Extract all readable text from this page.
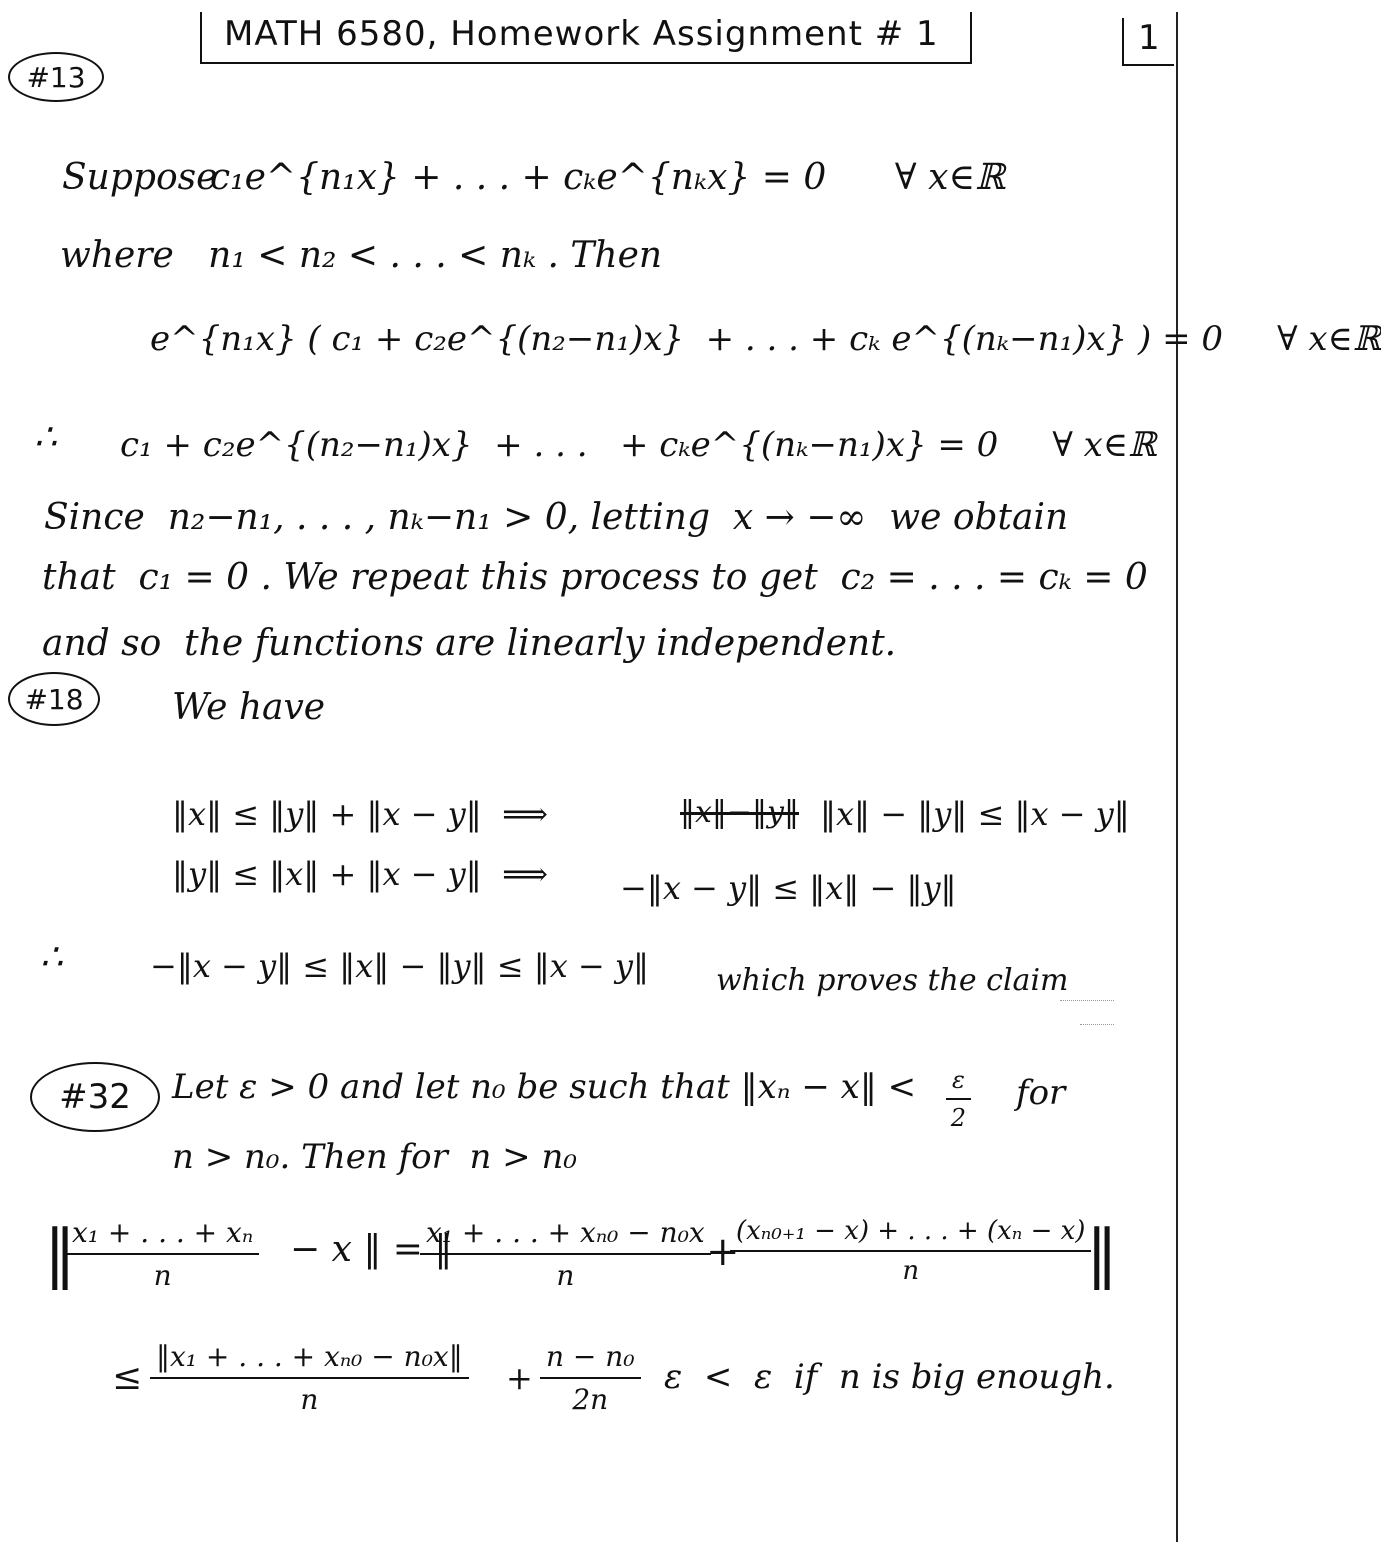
MATH 6580, Homework Assignment # 1	1
#13
Suppose
c₁e^{n₁x} + . . . + cₖe^{nₖx} = 0      ∀ x∈ℝ
where   n₁ < n₂ < . . . < nₖ . Then
e^{n₁x} ( c₁ + c₂e^{(n₂−n₁)x}  + . . . + cₖ e^{(nₖ−n₁)x} ) = 0     ∀ x∈ℝ
∴ c₁ + c₂e^{(n₂−n₁)x}  + . . .   + cₖe^{(nₖ−n₁)x} = 0     ∀ x∈ℝ
Since  n₂−n₁, . . . , nₖ−n₁ > 0, letting  x → −∞  we obtain
that  c₁ = 0 . We repeat this process to get  c₂ = . . . = cₖ = 0
and so  the functions are linearly independent.
#18	We have
‖x‖ ≤ ‖y‖ + ‖x − y‖  ⟹	‖x‖−‖y‖ ‖x‖ − ‖y‖ ≤ ‖x − y‖
‖y‖ ≤ ‖x‖ + ‖x − y‖  ⟹ −‖x − y‖ ≤ ‖x‖ − ‖y‖
∴	−‖x − y‖ ≤ ‖x‖ − ‖y‖ ≤ ‖x − y‖ which proves the claim
#32	Let ε > 0 and let n₀ be such that ‖xₙ − x‖ < $\frac{\varepsilon}{2}$ for
n > n₀. Then for  n > n₀
‖
$\frac{\text{x₁ + . . . + xₙ}}{n} - x$ ‖ = ‖
$\frac{\text{x₁ + . . . + xₙ₀ − n₀x}}{n}$
+
$\frac{\text{(xₙ₀₊₁ − x) + . . . + (xₙ − x)}}{n}$
‖
≤ $\frac{\text{‖x₁ + . . . + xₙ₀ − n₀x‖}}{n} + \frac{\text{n − n₀}}{2n}$ ε  <  ε  if  n is big enough.
